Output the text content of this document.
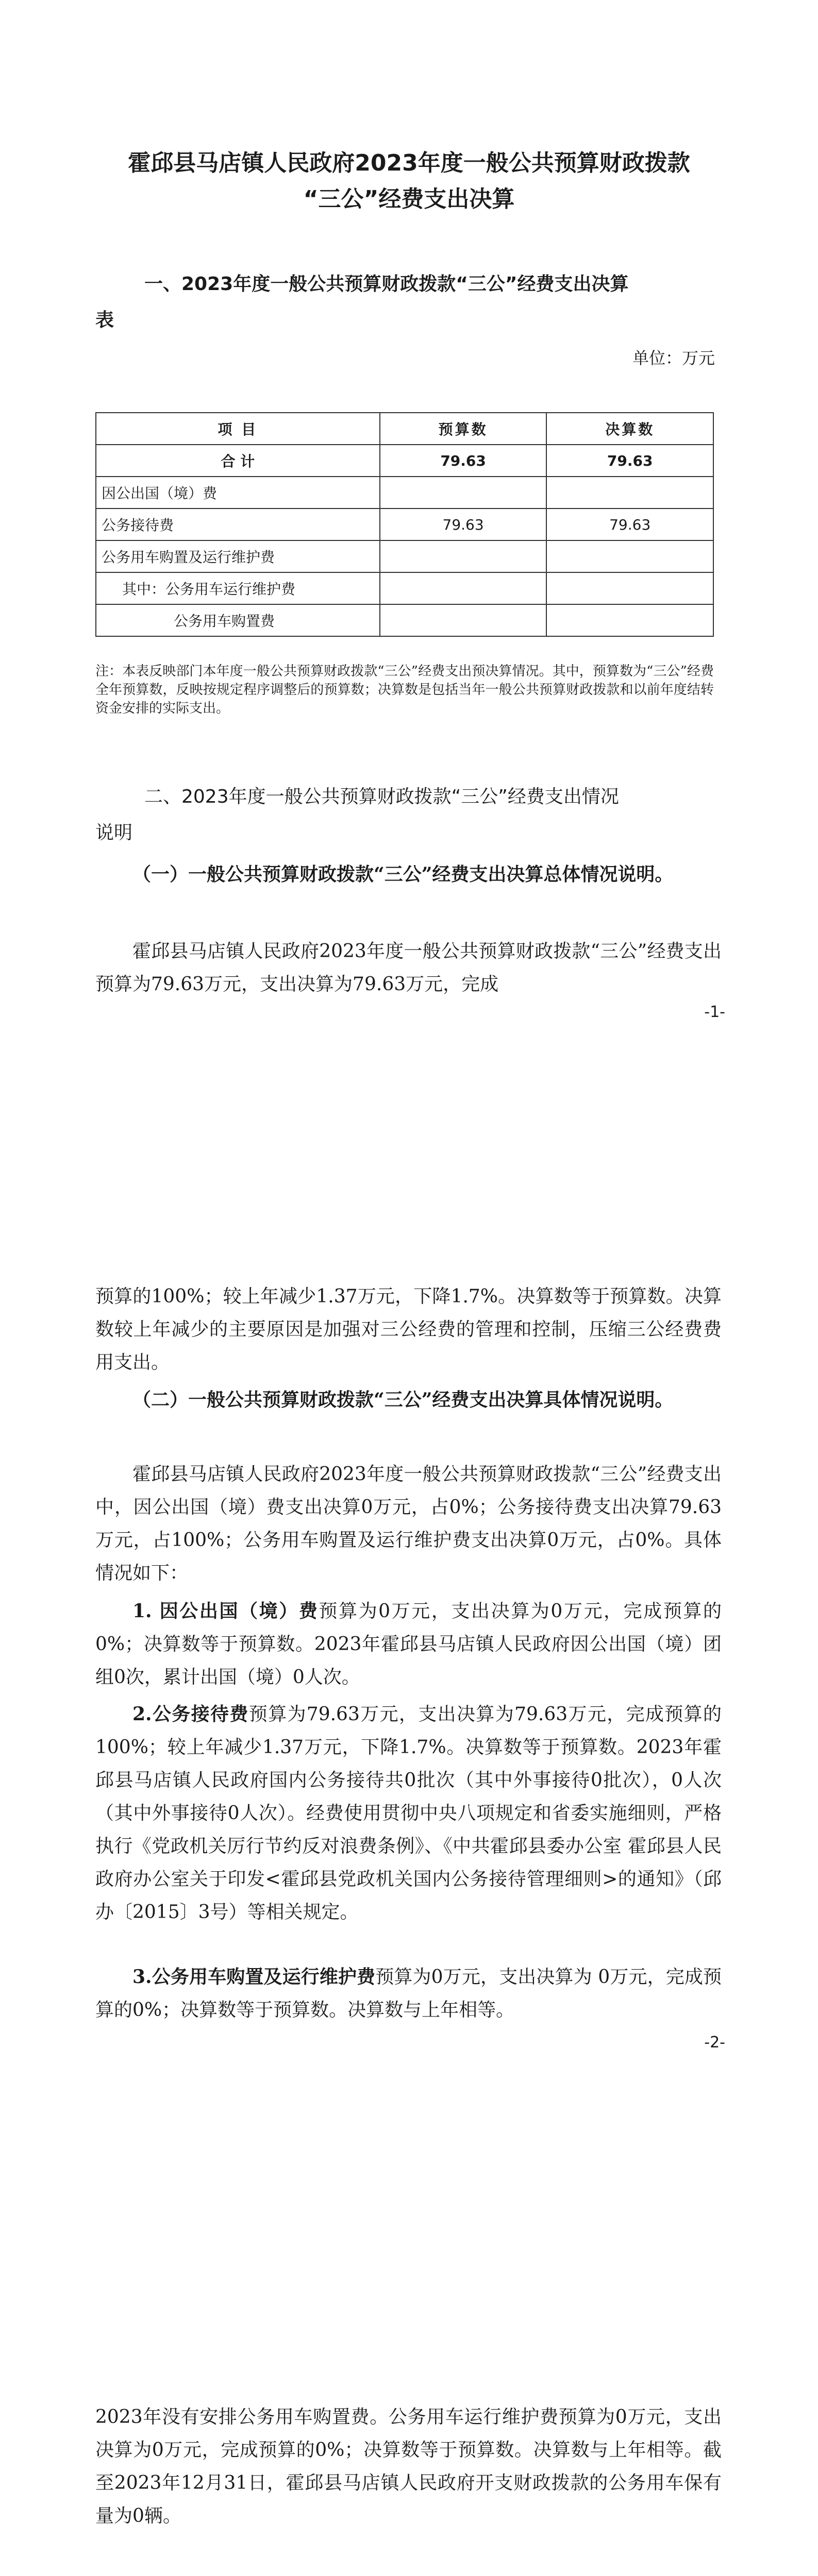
霍邱县马店镇人民政府2023年度一般公共预算财政拨款
“三公”经费支出决算
一、2023年度一般公共预算财政拨款“三公”经费支出决算
表
单位：万元
项 目	预算数	决算数
合 计	79.63	79.63
因公出国（境）费		
公务接待费	79.63	79.63
公务用车购置及运行维护费		
其中：公务用车运行维护费		
公务用车购置费		
注：本表反映部门本年度一般公共预算财政拨款“三公”经费支出预决算情况。其中，预算数为“三公”经费全年预算数，反映按规定程序调整后的预算数；决算数是包括当年一般公共预算财政拨款和以前年度结转资金安排的实际支出。
二、2023年度一般公共预算财政拨款“三公”经费支出情况
说明
（一）一般公共预算财政拨款“三公”经费支出决算总体情况说明。
霍邱县马店镇人民政府2023年度一般公共预算财政拨款“三公”经费支出预算为79.63万元，支出决算为79.63万元，完成
-1-
预算的100%；较上年减少1.37万元，下降1.7%。决算数等于预算数。决算数较上年减少的主要原因是加强对三公经费的管理和控制，压缩三公经费费用支出。
（二）一般公共预算财政拨款“三公”经费支出决算具体情况说明。
霍邱县马店镇人民政府2023年度一般公共预算财政拨款“三公”经费支出中，因公出国（境）费支出决算0万元，占0%；公务接待费支出决算79.63万元，占100%；公务用车购置及运行维护费支出决算0万元，占0%。具体情况如下：
1. 因公出国（境）费预算为0万元，支出决算为0万元，完成预算的0%；决算数等于预算数。2023年霍邱县马店镇人民政府因公出国（境）团组0次，累计出国（境）0人次。
2.公务接待费预算为79.63万元，支出决算为79.63万元，完成预算的100%；较上年减少1.37万元，下降1.7%。决算数等于预算数。2023年霍邱县马店镇人民政府国内公务接待共0批次（其中外事接待0批次），0人次（其中外事接待0人次）。经费使用贯彻中央八项规定和省委实施细则，严格执行《党政机关厉行节约反对浪费条例》、《中共霍邱县委办公室 霍邱县人民政府办公室关于印发<霍邱县党政机关国内公务接待管理细则>的通知》（邱办〔2015〕3号）等相关规定。
3.公务用车购置及运行维护费预算为0万元，支出决算为 0万元，完成预算的0%；决算数等于预算数。决算数与上年相等。
-2-
2023年没有安排公务用车购置费。公务用车运行维护费预算为0万元，支出决算为0万元，完成预算的0%；决算数等于预算数。决算数与上年相等。截至2023年12月31日，霍邱县马店镇人民政府开支财政拨款的公务用车保有量为0辆。
